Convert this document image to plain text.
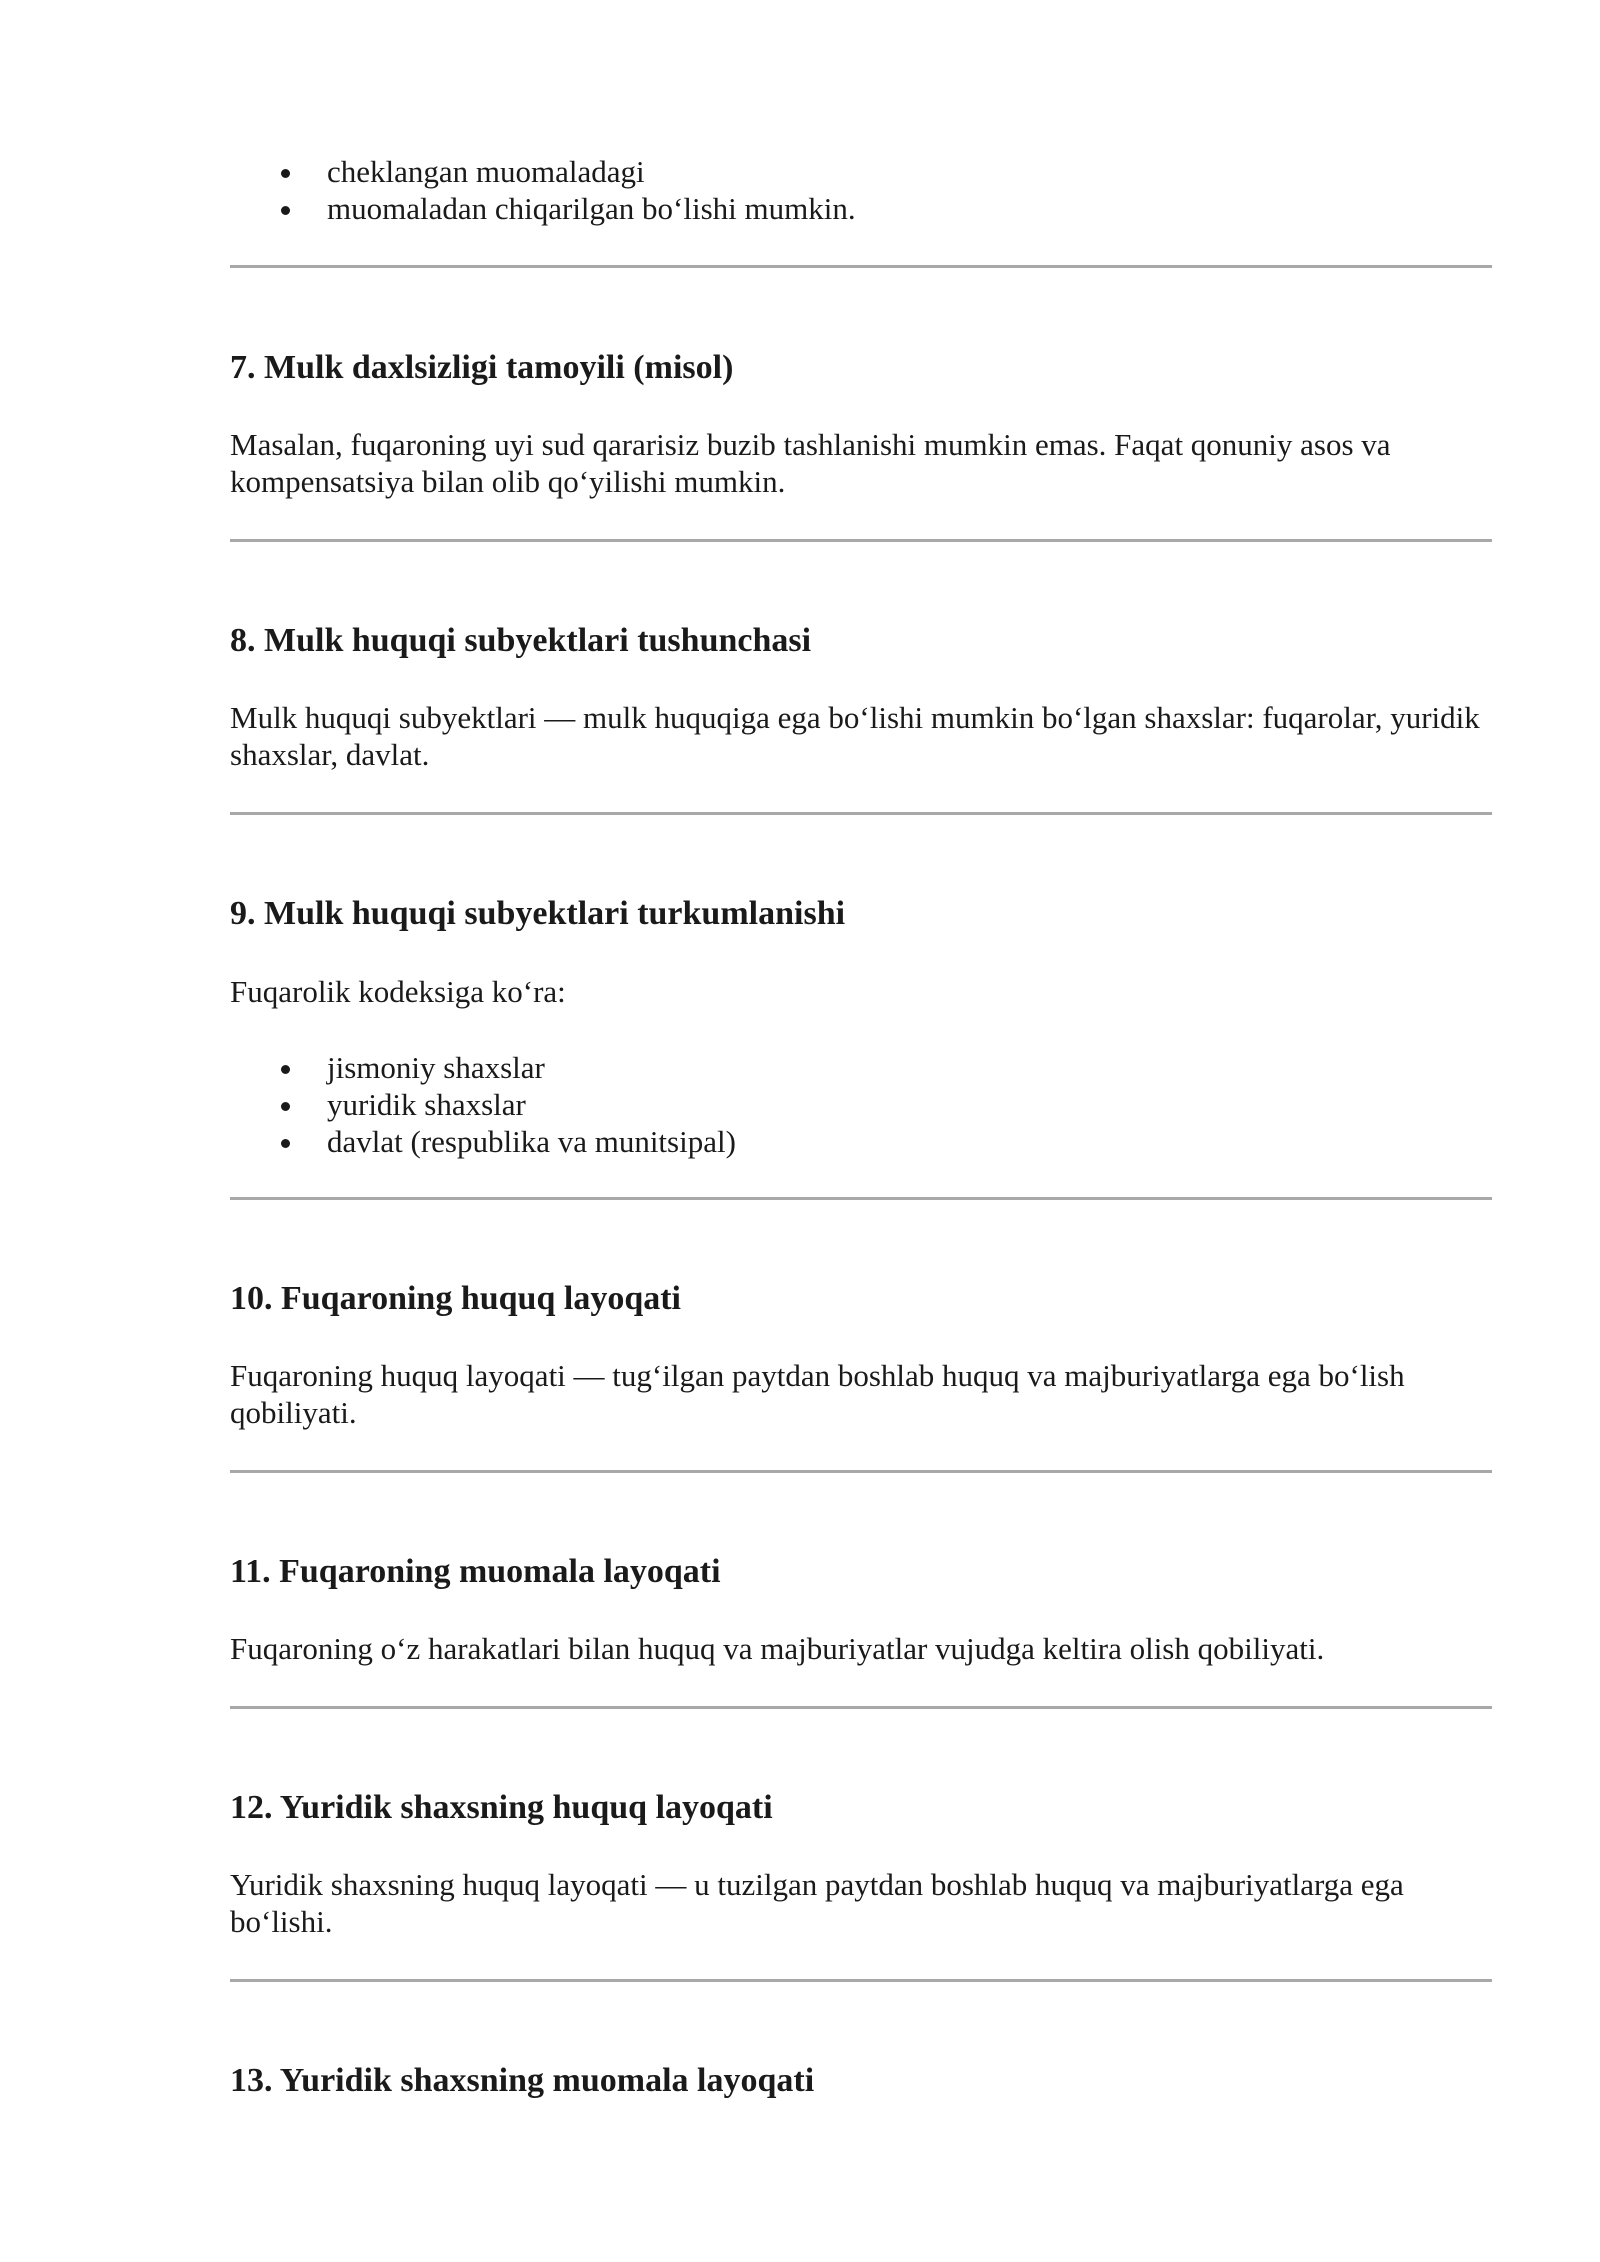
cheklangan muomaladagi
muomaladan chiqarilgan bo‘lishi mumkin.
7. Mulk daxlsizligi tamoyili (misol)

Masalan, fuqaroning uyi sud qararisiz buzib tashlanishi mumkin emas. Faqat qonuniy asos va kompensatsiya bilan olib qo‘yilishi mumkin.

8. Mulk huquqi subyektlari tushunchasi

Mulk huquqi subyektlari — mulk huquqiga ega bo‘lishi mumkin bo‘lgan shaxslar: fuqarolar, yuridik shaxslar, davlat.

9. Mulk huquqi subyektlari turkumlanishi

Fuqarolik kodeksiga ko‘ra:

jismoniy shaxslar
yuridik shaxslar
davlat (respublika va munitsipal)
10. Fuqaroning huquq layoqati

Fuqaroning huquq layoqati — tug‘ilgan paytdan boshlab huquq va majburiyatlarga ega bo‘lish qobiliyati.

11. Fuqaroning muomala layoqati

Fuqaroning o‘z harakatlari bilan huquq va majburiyatlar vujudga keltira olish qobiliyati.

12. Yuridik shaxsning huquq layoqati

Yuridik shaxsning huquq layoqati — u tuzilgan paytdan boshlab huquq va majburiyatlarga ega bo‘lishi.

13. Yuridik shaxsning muomala layoqati
